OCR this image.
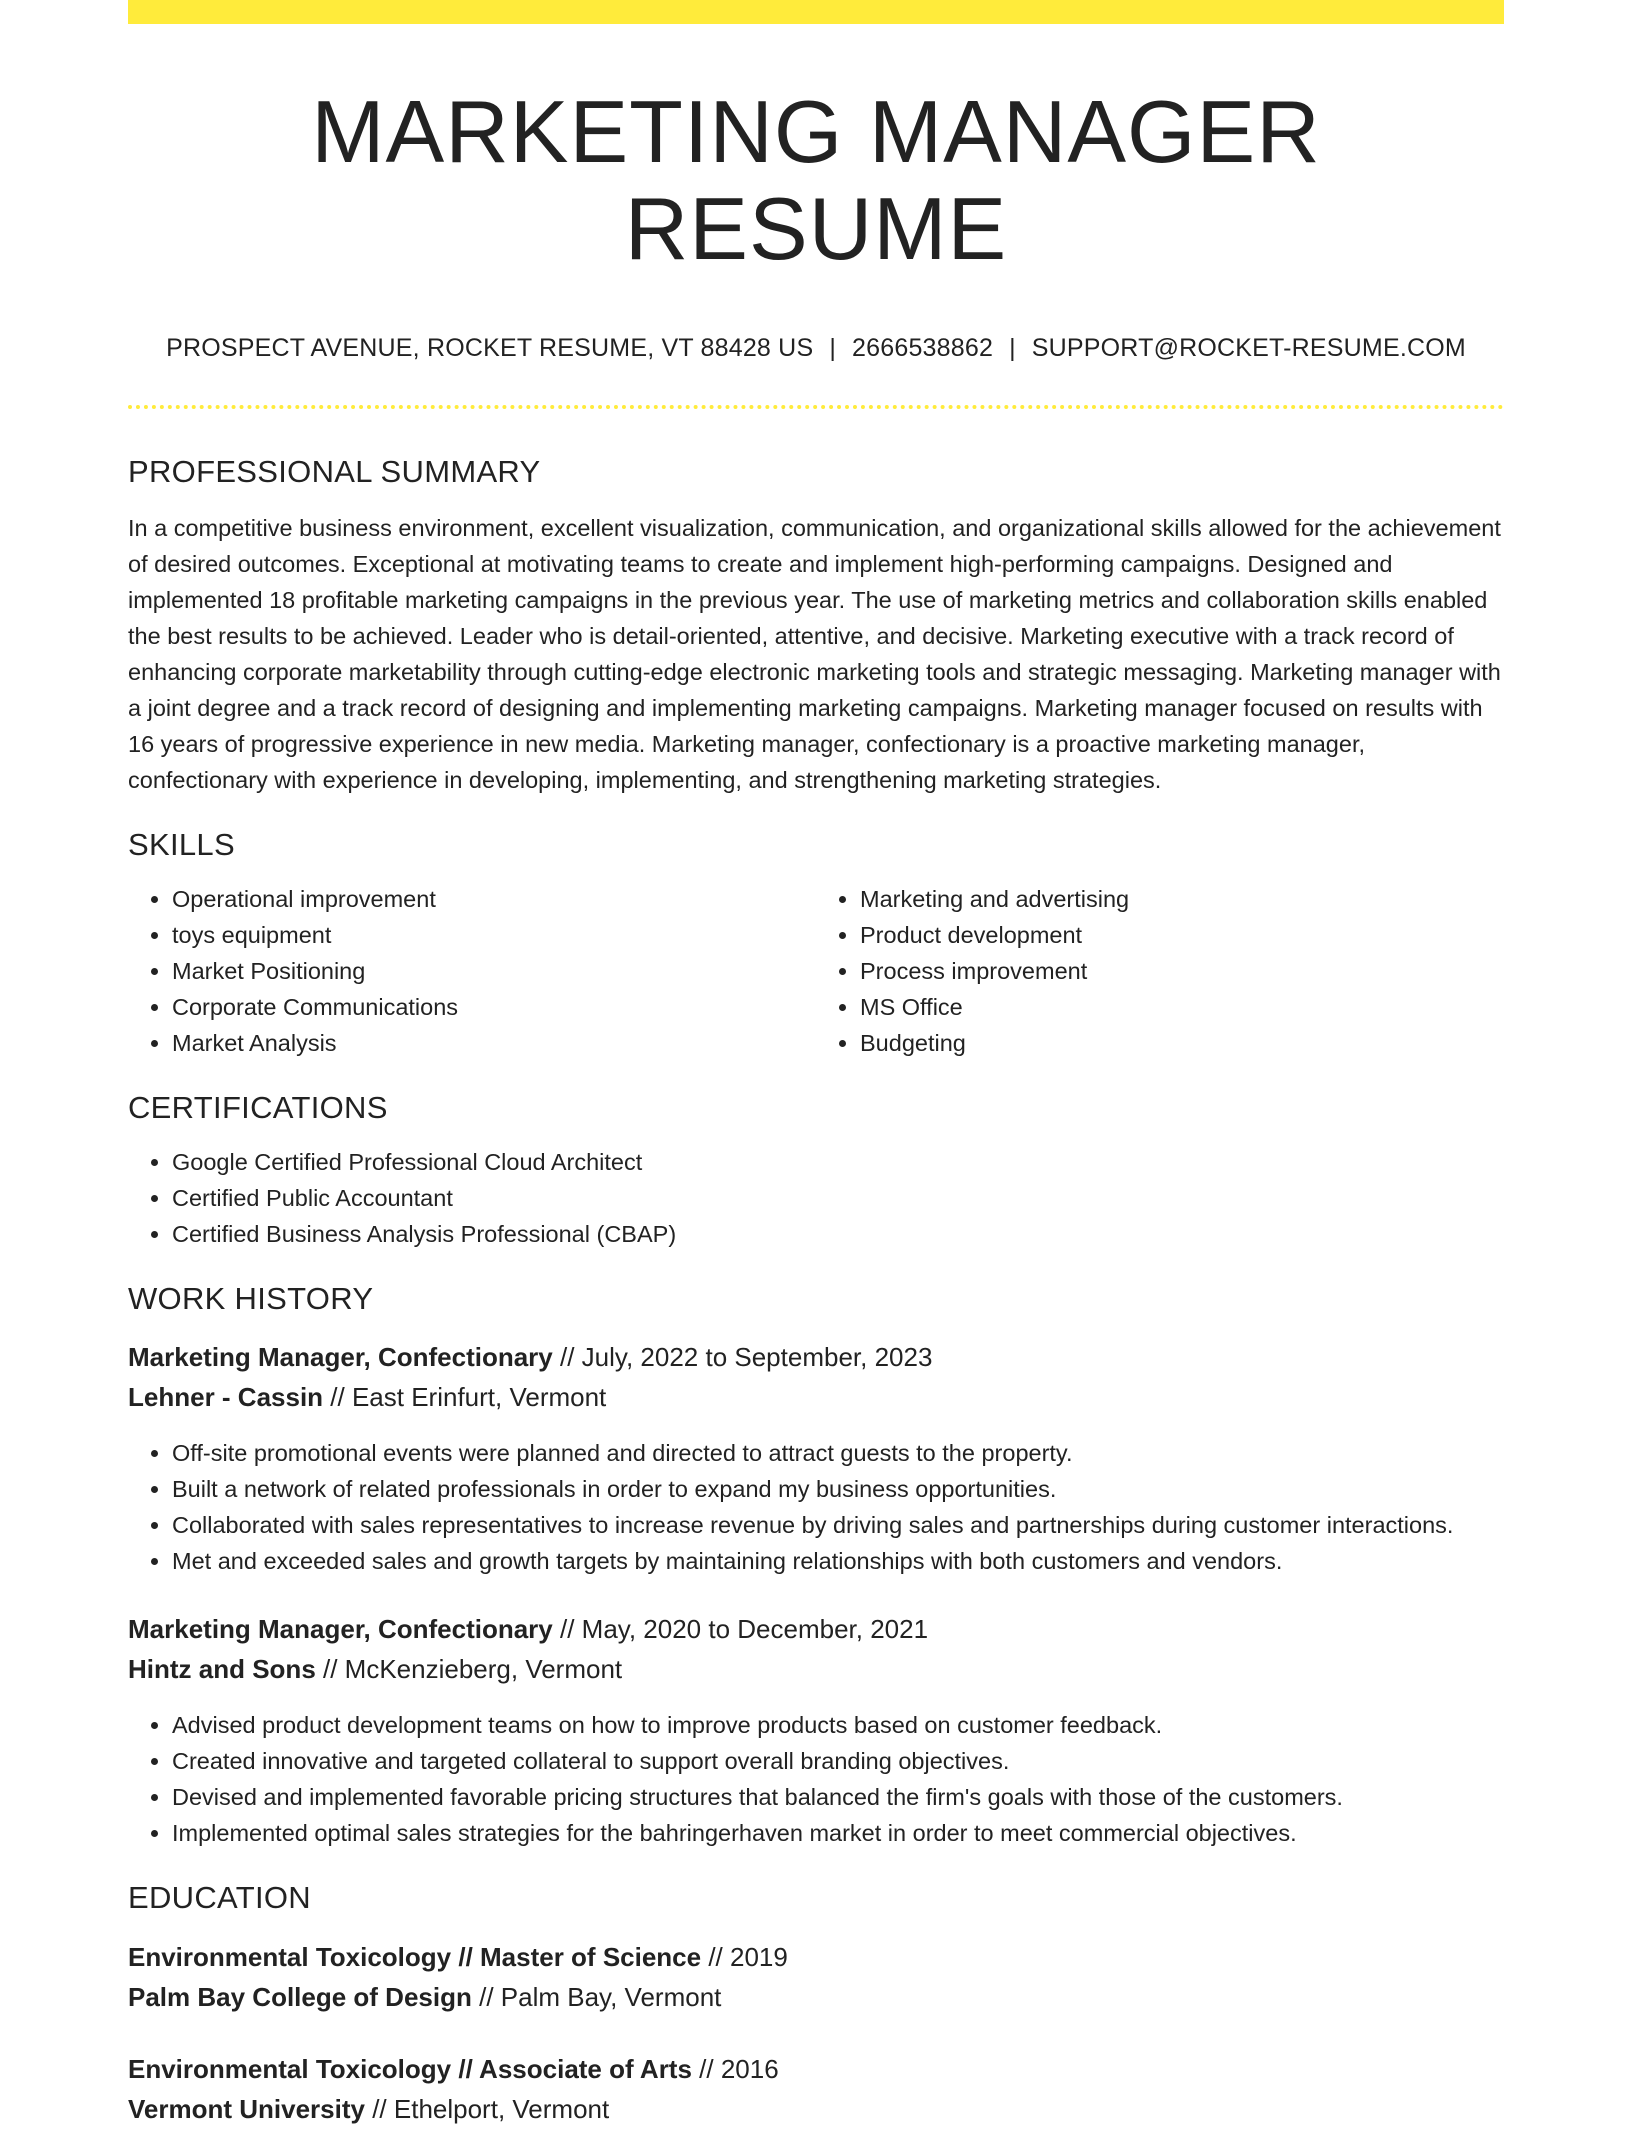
MARKETING MANAGER RESUME
PROSPECT AVENUE, ROCKET RESUME, VT 88428 US | 2666538862 | SUPPORT@ROCKET-RESUME.COM
PROFESSIONAL SUMMARY

In a competitive business environment, excellent visualization, communication, and organizational skills allowed for the achievement of desired outcomes. Exceptional at motivating teams to create and implement high-performing campaigns. Designed and implemented 18 profitable marketing campaigns in the previous year. The use of marketing metrics and collaboration skills enabled the best results to be achieved. Leader who is detail-oriented, attentive, and decisive. Marketing executive with a track record of enhancing corporate marketability through cutting-edge electronic marketing tools and strategic messaging. Marketing manager with a joint degree and a track record of designing and implementing marketing campaigns. Marketing manager focused on results with 16 years of progressive experience in new media. Marketing manager, confectionary is a proactive marketing manager, confectionary with experience in developing, implementing, and strengthening marketing strategies.

SKILLS
• Operational improvement
• toys equipment
• Market Positioning
• Corporate Communications
• Market Analysis
• Marketing and advertising
• Product development
• Process improvement
• MS Office
• Budgeting
CERTIFICATIONS
• Google Certified Professional Cloud Architect
• Certified Public Accountant
• Certified Business Analysis Professional (CBAP)
WORK HISTORY
Marketing Manager, Confectionary // July, 2022 to September, 2023
Lehner - Cassin // East Erinfurt, Vermont
• Off-site promotional events were planned and directed to attract guests to the property.
• Built a network of related professionals in order to expand my business opportunities.
• Collaborated with sales representatives to increase revenue by driving sales and partnerships during customer interactions.
• Met and exceeded sales and growth targets by maintaining relationships with both customers and vendors.
Marketing Manager, Confectionary // May, 2020 to December, 2021
Hintz and Sons // McKenzieberg, Vermont
• Advised product development teams on how to improve products based on customer feedback.
• Created innovative and targeted collateral to support overall branding objectives.
• Devised and implemented favorable pricing structures that balanced the firm's goals with those of the customers.
• Implemented optimal sales strategies for the bahringerhaven market in order to meet commercial objectives.
EDUCATION
Environmental Toxicology // Master of Science // 2019
Palm Bay College of Design // Palm Bay, Vermont
Environmental Toxicology // Associate of Arts // 2016
Vermont University // Ethelport, Vermont
